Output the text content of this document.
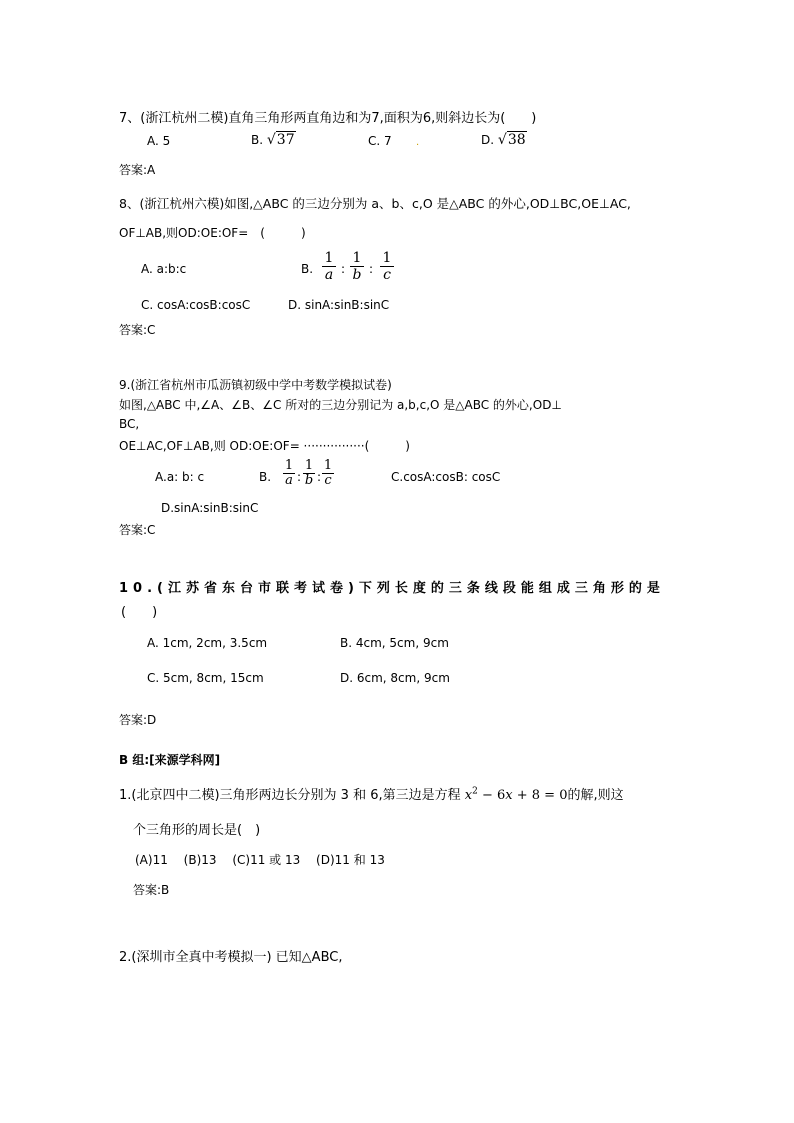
7、(浙江杭州二模)直角三角形两直角边和为7,面积为6,则斜边长为(　　)
A. 5	B. √37	C. 7 .	D. √38
答案:A
8、(浙江杭州六模)如图,△ABC 的三边分别为 a、b、c,O 是△ABC 的外心,OD⊥BC,OE⊥AC,
OF⊥AB,则OD:OE:OF=　(　　　)
A. a:b:c	B.
1
a :
1
b :
1
c
C. cosA:cosB:cosC	D. sinA:sinB:sinC
答案:C
9.(浙江省杭州市瓜沥镇初级中学中考数学模拟试卷)
如图,△ABC 中,∠A、∠B、∠C 所对的三边分别记为 a,b,c,O 是△ABC 的外心,OD⊥
BC,
OE⊥AC,OF⊥AB,则 OD:OE:OF= ················(　　　)
A.a: b: c	B.
1
a :
1
b :
1
c	C.cosA:cosB: cosC
D.sinA:sinB:sinC
答案:C
10.(江苏省东台市联考试卷)下列长度的三条线段能组成三角形的是
(　　)
A. 1cm, 2cm, 3.5cm	B. 4cm, 5cm, 9cm
C. 5cm, 8cm, 15cm	D. 6cm, 8cm, 9cm
答案:D
B 组:[来源学科网]
1.(北京四中二模)三角形两边长分别为 3 和 6,第三边是方程 $x^2 - 6x + 8 = 0$的解,则这
个三角形的周长是(　)
(A)11　 (B)13　 (C)11 或 13　 (D)11 和 13
答案:B
2.(深圳市全真中考模拟一) 已知△ABC,
